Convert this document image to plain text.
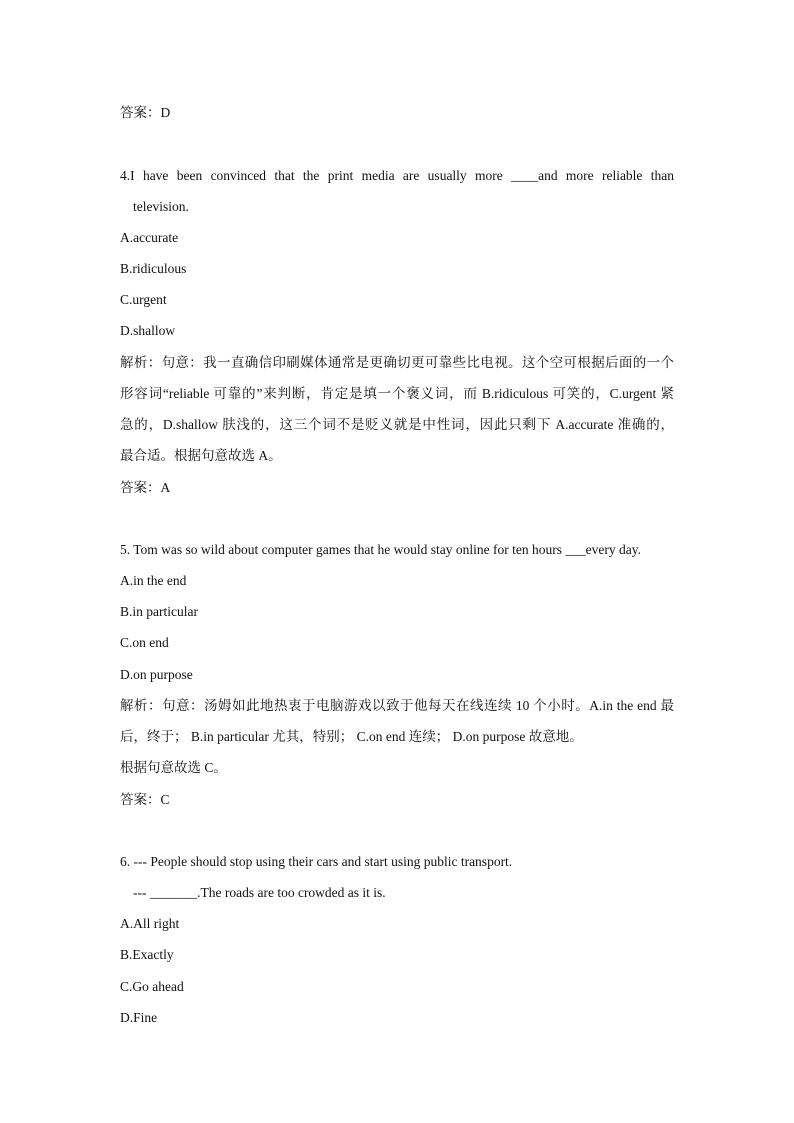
答案：D
4.I have been convinced that the print media are usually more ____and more reliable than
television.
A.accurate
B.ridiculous
C.urgent
D.shallow
解析：句意：我一直确信印刷媒体通常是更确切更可靠些比电视。这个空可根据后面的一个
形容词“reliable 可靠的”来判断，肯定是填一个褒义词，而 B.ridiculous 可笑的，C.urgent 紧
急的，D.shallow 肤浅的，这三个词不是贬义就是中性词，因此只剩下 A.accurate 准确的，
最合适。根据句意故选 A。
答案：A
5. Tom was so wild about computer games that he would stay online for ten hours ___every day.
A.in the end
B.in particular
C.on end
D.on purpose
解析：句意：汤姆如此地热衷于电脑游戏以致于他每天在线连续 10 个小时。A.in the end 最
后，终于； B.in particular 尤其，特别； C.on end 连续； D.on purpose 故意地。
根据句意故选 C。
答案：C
6. --- People should stop using their cars and start using public transport.
--- _______.The roads are too crowded as it is.
A.All right
B.Exactly
C.Go ahead
D.Fine
